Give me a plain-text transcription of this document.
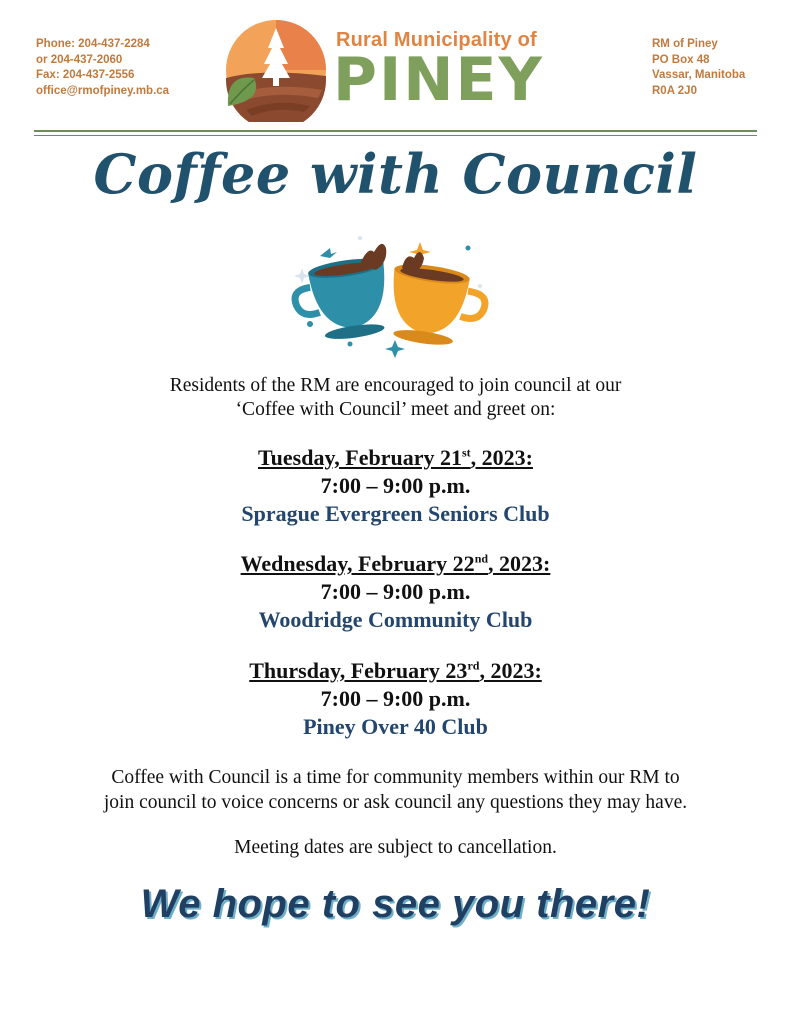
Phone: 204-437-2284
or 204-437-2060
Fax: 204-437-2556
office@rmofpiney.mb.ca
Rural Municipality of
PINEY
RM of Piney
PO Box 48
Vassar, Manitoba
R0A 2J0
Coffee with Council
Residents of the RM are encouraged to join council at our
‘Coffee with Council’ meet and greet on:
Tuesday, February 21st, 2023:
7:00 – 9:00 p.m.
Sprague Evergreen Seniors Club
Wednesday, February 22nd, 2023:
7:00 – 9:00 p.m.
Woodridge Community Club
Thursday, February 23rd, 2023:
7:00 – 9:00 p.m.
Piney Over 40 Club
Coffee with Council is a time for community members within our RM to
join council to voice concerns or ask council any questions they may have.
Meeting dates are subject to cancellation.
We hope to see you there!
